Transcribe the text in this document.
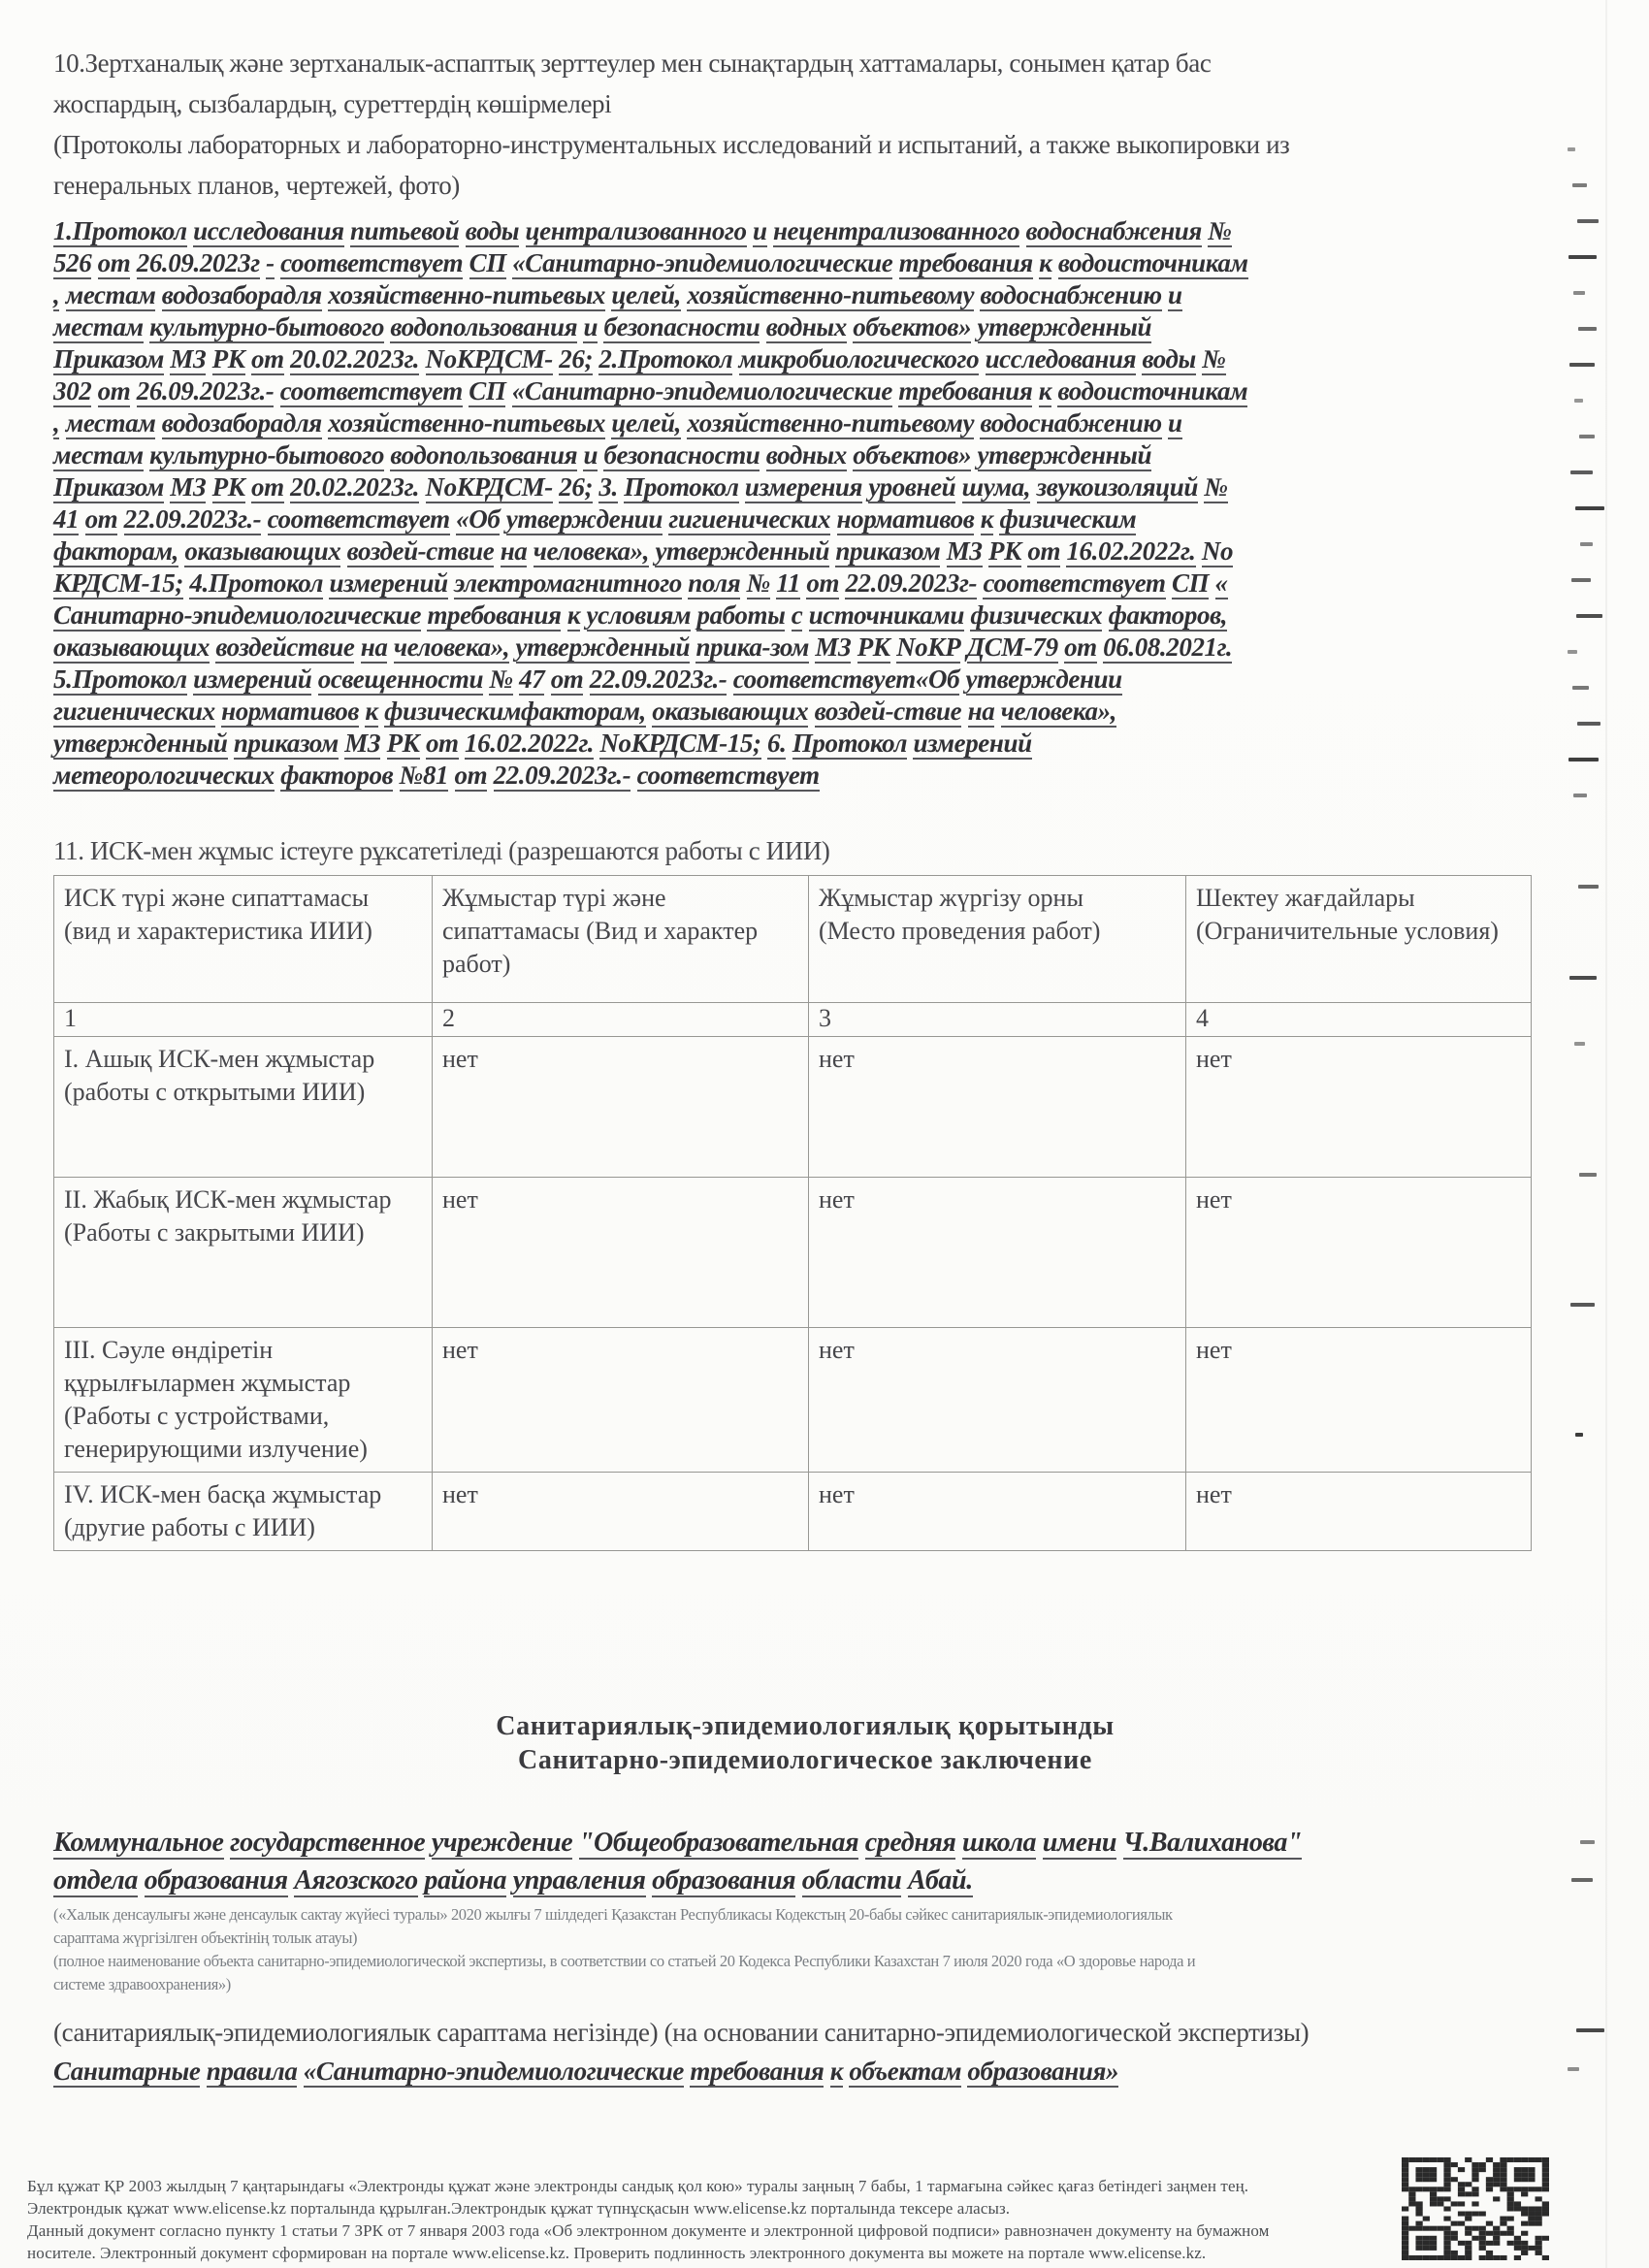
10.Зертханалық және зертханалык-аспаптық зерттеулер мен сынақтардың хаттамалары, сонымен қатар бас
жоспардың, сызбалардың, суреттердің көшірмелері
(Протоколы лабораторных и лабораторно-инструментальных исследований и испытаний, а также выкопировки из
генеральных планов, чертежей, фото)
1.Протокол исследования питьевой воды централизованного и нецентрализованного водоснабжения №
526 от 26.09.2023г - соответствует СП «Санитарно-эпидемиологические требования к водоисточникам
, местам водозаборадля хозяйственно-питьевых целей, хозяйственно-питьевому водоснабжению и
местам культурно-бытового водопользования и безопасности водных объектов» утвержденный
Приказом МЗ РК от 20.02.2023г. NoКРДСМ- 26; 2.Протокол микробиологического исследования воды №
302 от 26.09.2023г.- соответствует СП «Санитарно-эпидемиологические требования к водоисточникам
, местам водозаборадля хозяйственно-питьевых целей, хозяйственно-питьевому водоснабжению и
местам культурно-бытового водопользования и безопасности водных объектов» утвержденный
Приказом МЗ РК от 20.02.2023г. NoКРДСМ- 26; 3. Протокол измерения уровней шума, звукоизоляций №
41 от 22.09.2023г.- соответствует «Об утверждении гигиенических нормативов к физическим
факторам, оказывающих воздей-ствие на человека», утвержденный приказом МЗ РК от 16.02.2022г. No
КРДСМ-15; 4.Протокол измерений электромагнитного поля № 11 от 22.09.2023г- соответствует СП «
Санитарно-эпидемиологические требования к условиям работы с источниками физических факторов,
оказывающих воздействие на человека», утвержденный прика-зом МЗ РК NoКР ДСМ-79 от 06.08.2021г.
5.Протокол измерений освещенности № 47 от 22.09.2023г.- соответствует«Об утверждении
гигиенических нормативов к физическимфакторам, оказывающих воздей-ствие на человека»,
утвержденный приказом МЗ РК от 16.02.2022г. NoКРДСМ-15; 6. Протокол измерений
метеорологических факторов №81 от 22.09.2023г.- соответствует
11. ИСК-мен жұмыс істеуге рұксатетіледі (разрешаются работы с ИИИ)
ИСК түрі және сипаттамасы (вид и характеристика ИИИ)	Жұмыстар түрі және сипаттамасы (Вид и характер работ)	Жұмыстар жүргізу орны (Место проведения работ)	Шектеу жағдайлары (Ограничительные условия)
1	2	3	4
I. Ашық ИСК-мен жұмыстар (работы с открытыми ИИИ)	нет	нет	нет
II. Жабық ИСК-мен жұмыстар (Работы с закрытыми ИИИ)	нет	нет	нет
III. Сәуле өндіретін құрылғылармен жұмыстар (Работы с устройствами, генерирующими излучение)	нет	нет	нет
IV. ИСК-мен басқа жұмыстар (другие работы с ИИИ)	нет	нет	нет
Санитариялық-эпидемиологиялық қорытынды
Санитарно-эпидемиологическое заключение
Коммунальное государственное учреждение "Общеобразовательная средняя школа имени Ч.Валиханова"
отдела образования Аягозского района управления образования области Абай.
(«Халык денсаулығы және денсаулык сактау жүйесі туралы» 2020 жылғы 7 шілдедегі Қазакстан Республикасы Кодекстың 20-бабы сәйкес санитариялык-эпидемиологиялык
сараптама жүргізілген объектінің толык атауы)
(полное наименование объекта санитарно-эпидемиологической экспертизы, в соответствии со статьей 20 Кодекса Республики Казахстан 7 июля 2020 года «О здоровье народа и
системе здравоохранения»)
(санитариялық-эпидемиологиялык сараптама негізінде) (на основании санитарно-эпидемиологической экспертизы)
Санитарные правила «Санитарно-эпидемиологические требования к объектам образования»
Бұл құжат ҚР 2003 жылдың 7 қаңтарындағы «Электронды құжат және электронды сандық қол кою» туралы заңның 7 бабы, 1 тармағына сәйкес қағаз бетіндегі заңмен тең.
Электрондык құжат www.elicense.kz порталында құрылған.Электрондык құжат түпнұсқасын www.elicense.kz порталында тексере аласыз.
Данный документ согласно пункту 1 статьи 7 ЗРК от 7 января 2003 года «Об электронном документе и электронной цифровой подписи» равнозначен документу на бумажном
носителе. Электронный документ сформирован на портале www.elicense.kz. Проверить подлинность электронного документа вы можете на портале www.elicense.kz.
